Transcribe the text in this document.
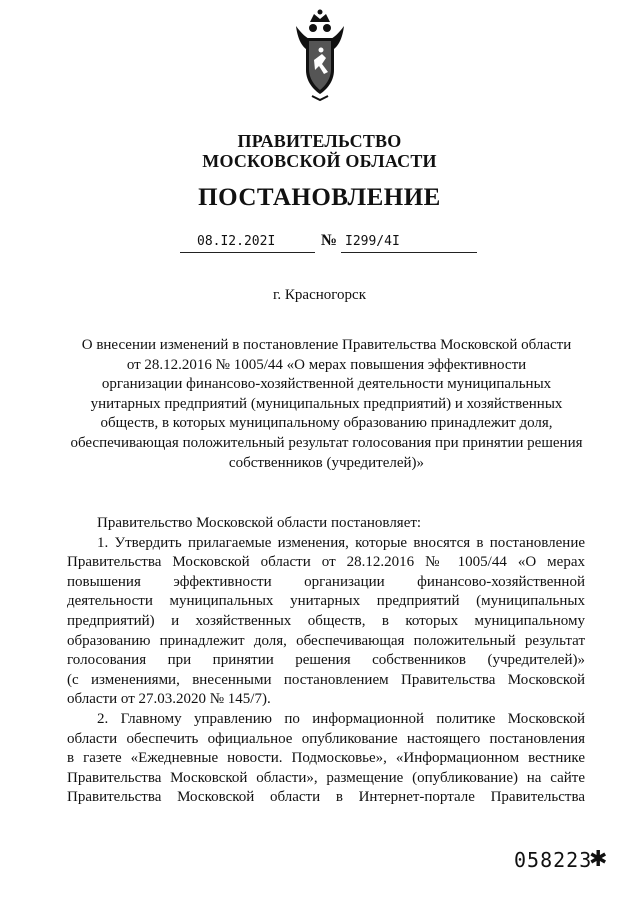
ПРАВИТЕЛЬСТВО
МОСКОВСКОЙ ОБЛАСТИ
ПОСТАНОВЛЕНИЕ
08.I2.202I	№ I299/4I
г. Красногорск
О внесении изменений в постановление Правительства Московской области
от 28.12.2016 № 1005/44 «О мерах повышения эффективности
организации финансово-хозяйственной деятельности муниципальных
унитарных предприятий (муниципальных предприятий) и хозяйственных
обществ, в которых муниципальному образованию принадлежит доля,
обеспечивающая положительный результат голосования при принятии решения
собственников (учредителей)»
Правительство Московской области постановляет:
1. Утвердить прилагаемые изменения, которые вносятся в постановление
Правительства Московской области от 28.12.2016 № 1005/44 «О мерах
повышения эффективности организации финансово-хозяйственной
деятельности муниципальных унитарных предприятий (муниципальных
предприятий) и хозяйственных обществ, в которых муниципальному
образованию принадлежит доля, обеспечивающая положительный результат
голосования при принятии решения собственников (учредителей)»
(с изменениями, внесенными постановлением Правительства Московской
области от 27.03.2020 № 145/7).
2. Главному управлению по информационной политике Московской
области обеспечить официальное опубликование настоящего постановления
в газете «Ежедневные новости. Подмосковье», «Информационном вестнике
Правительства Московской области», размещение (опубликование) на сайте
Правительства Московской области в Интернет-портале Правительства
058223
✱
